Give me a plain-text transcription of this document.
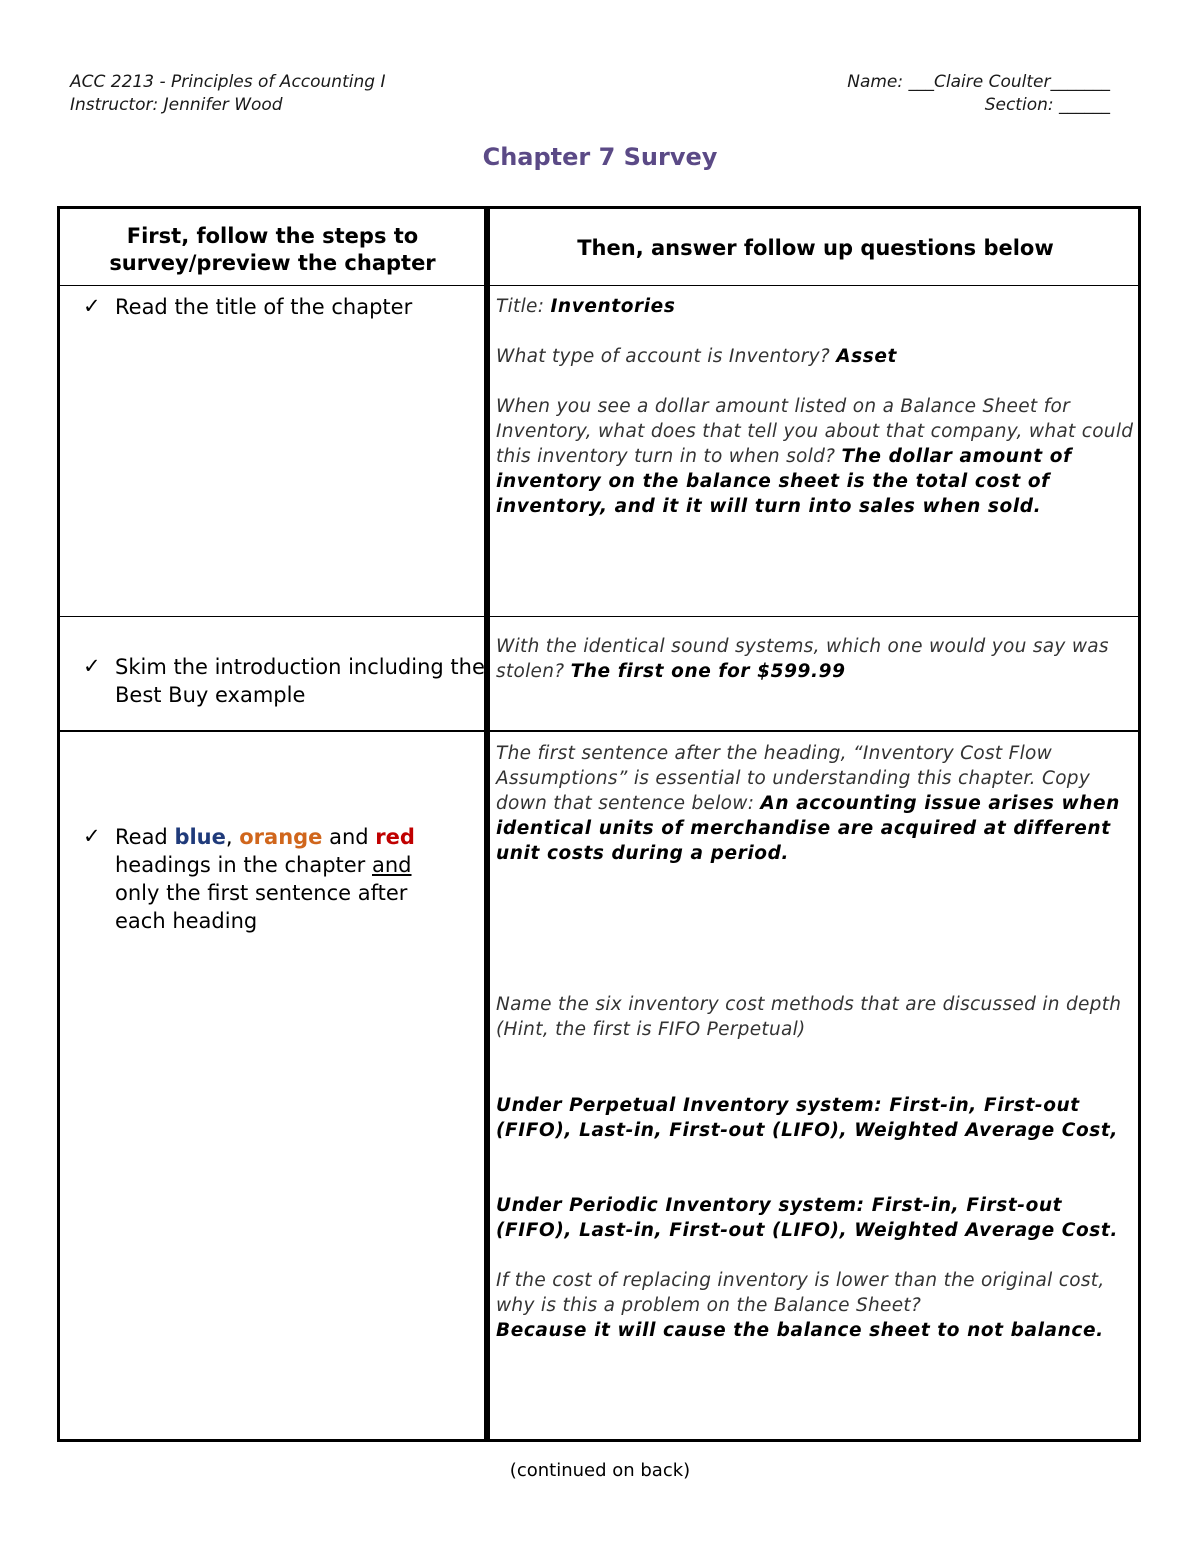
ACC 2213 - Principles of Accounting I
Instructor: Jennifer Wood
Name: ___Claire Coulter_______
Section: ______
Chapter 7 Survey
First, follow the steps to survey/preview the chapter
Then, answer follow up questions below
✓ Read the title of the chapter	Title: Inventories
What type of account is Inventory? Asset
When you see a dollar amount listed on a Balance Sheet for Inventory, what does that tell you about that company, what could this inventory turn in to when sold? The dollar amount of inventory on the balance sheet is the total cost of inventory, and it it will turn into sales when sold.
✓ Skim the introduction including the Best Buy example
With the identical sound systems, which one would you say was stolen? The first one for $599.99
✓ Read blue, orange and red headings in the chapter and only the first sentence after each heading
The first sentence after the heading, “Inventory Cost Flow Assumptions” is essential to understanding this chapter. Copy down that sentence below: An accounting issue arises when identical units of merchandise are acquired at different unit costs during a period.
Name the six inventory cost methods that are discussed in depth (Hint, the first is FIFO Perpetual)
Under Perpetual Inventory system: First-in, First-out (FIFO), Last-in, First-out (LIFO), Weighted Average Cost,
Under Periodic Inventory system: First-in, First-out (FIFO), Last-in, First-out (LIFO), Weighted Average Cost.
If the cost of replacing inventory is lower than the original cost, why is this a problem on the Balance Sheet?
Because it will cause the balance sheet to not balance.
(continued on back)
